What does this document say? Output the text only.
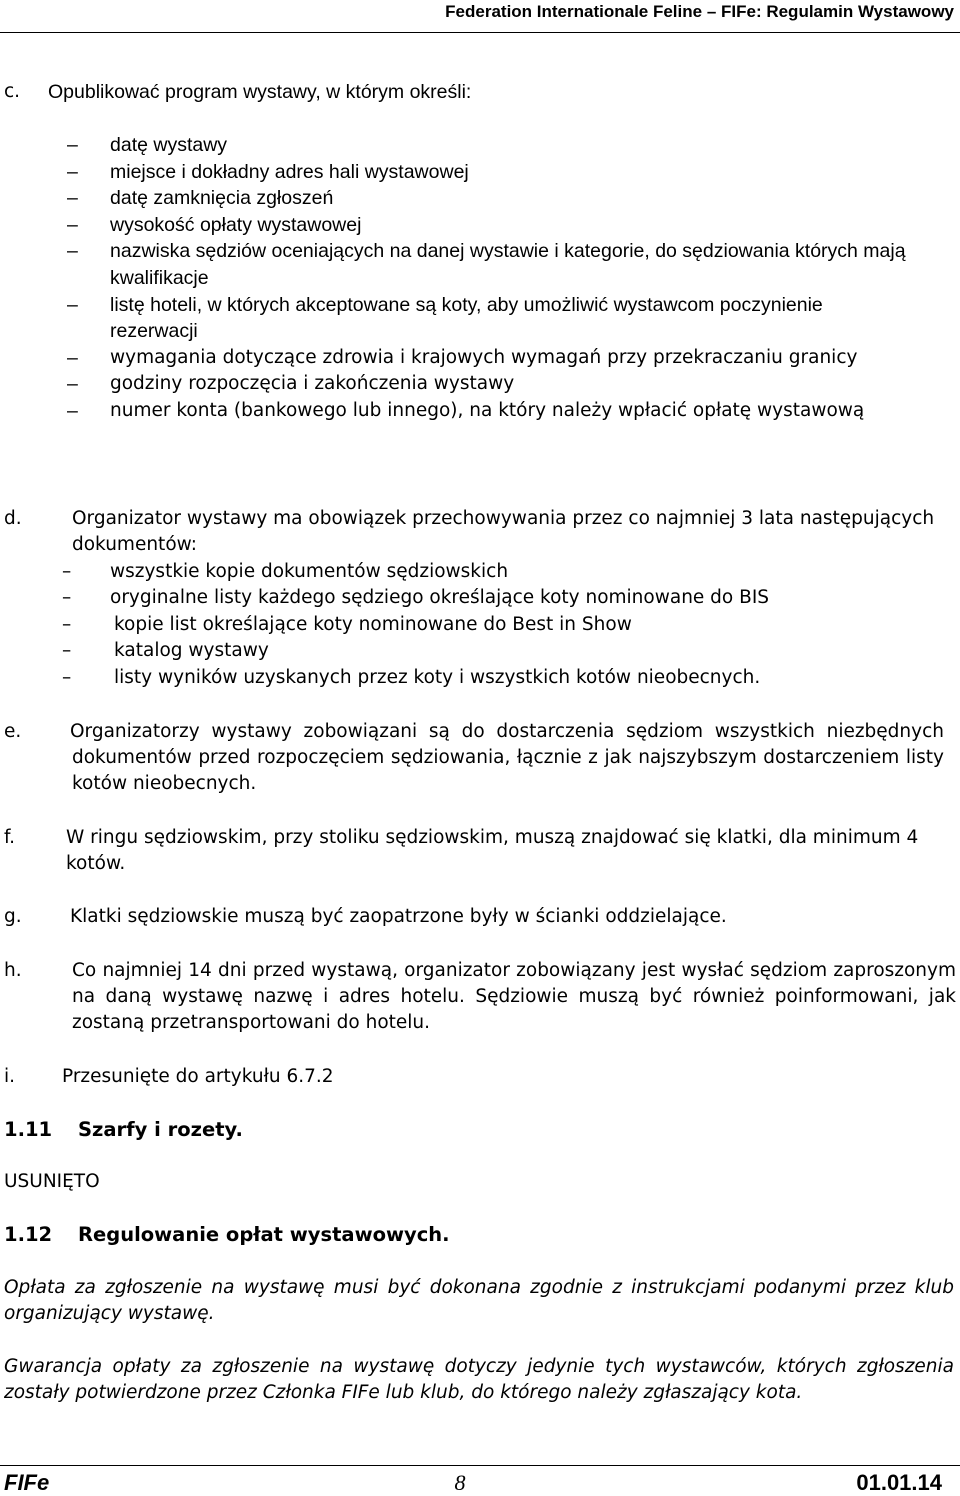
Federation Internationale Feline – FIFe: Regulamin Wystawowy
c. Opublikować program wystawy, w którym określi:
– datę wystawy
– miejsce i dokładny adres hali wystawowej
– datę zamknięcia zgłoszeń
– wysokość opłaty wystawowej
– nazwiska sędziów oceniających na danej wystawie i kategorie, do sędziowania których mają kwalifikacje
– listę hoteli, w których akceptowane są koty, aby umożliwić wystawcom poczynienie rezerwacji
– wymagania dotyczące zdrowia i krajowych wymagań przy przekraczaniu granicy
– godziny rozpoczęcia i zakończenia wystawy
– numer konta (bankowego lub innego), na który należy wpłacić opłatę wystawową
d.	Organizator wystawy ma obowiązek przechowywania przez co najmniej 3 lata następujących dokumentów:
– wszystkie kopie dokumentów sędziowskich
– oryginalne listy każdego sędziego określające koty nominowane do BIS
– kopie list określające koty nominowane do Best in Show
– katalog wystawy
– listy wyników uzyskanych przez koty i wszystkich kotów nieobecnych.
e.	Organizatorzy wystawy zobowiązani są do dostarczenia sędziom wszystkich niezbędnych dokumentów przed rozpoczęciem sędziowania, łącznie z jak najszybszym dostarczeniem listy kotów nieobecnych.
f.	W ringu sędziowskim, przy stoliku sędziowskim, muszą znajdować się klatki, dla minimum 4 kotów.
g.	Klatki sędziowskie muszą być zaopatrzone były w ścianki oddzielające.
h.	Co najmniej 14 dni przed wystawą, organizator zobowiązany jest wysłać sędziom zaproszonym na daną wystawę nazwę i adres hotelu. Sędziowie muszą być również poinformowani, jak zostaną przetransportowani do hotelu.
i.	Przesunięte do artykułu 6.7.2
1.11 Szarfy i rozety.
USUNIĘTO
1.12 Regulowanie opłat wystawowych.
Opłata za zgłoszenie na wystawę musi być dokonana zgodnie z instrukcjami podanymi przez klub organizujący wystawę.
Gwarancja opłaty za zgłoszenie na wystawę dotyczy jedynie tych wystawców, których zgłoszenia zostały potwierdzone przez Członka FIFe lub klub, do którego należy zgłaszający kota.
FIFe	8	01.01.14
